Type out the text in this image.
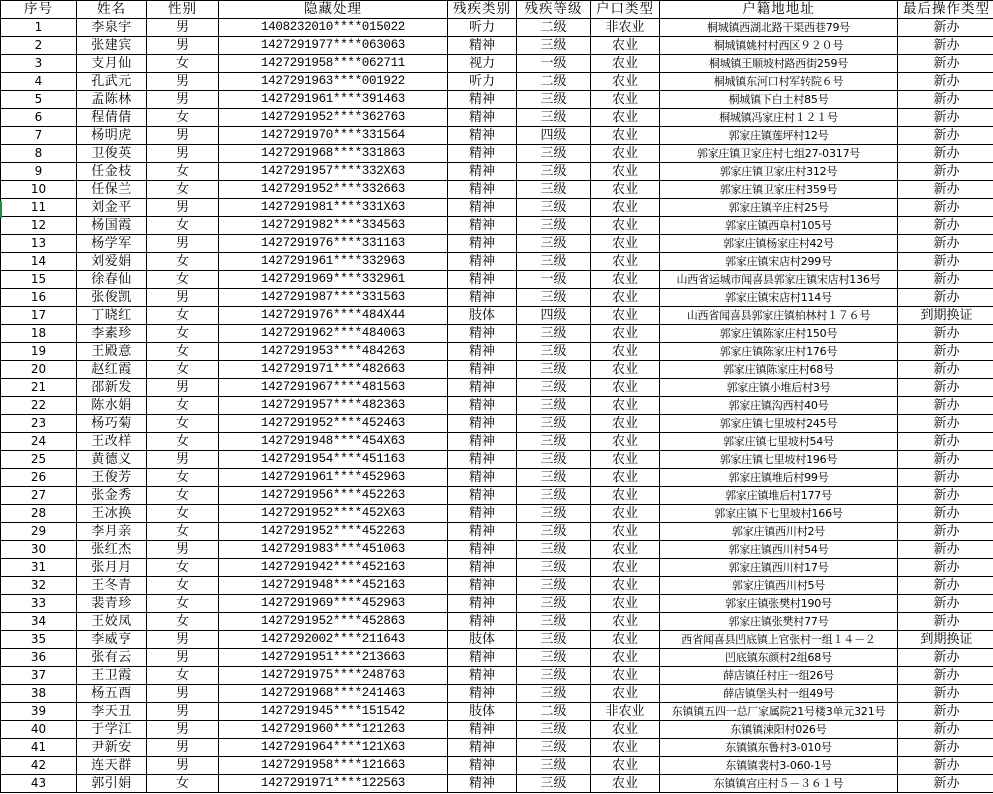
序号	姓名	性别	隐藏处理	残疾类别	残疾等级	户口类型	户籍地地址	最后操作类型
1	李泉宇	男	1408232010****015022	听力	二级	非农业	桐城镇西湖北路干渠西巷79号	新办
2	张建宾	男	1427291977****063063	精神	三级	农业	桐城镇姚村村西区９２０号	新办
3	支月仙	女	1427291958****062711	视力	一级	农业	桐城镇王顺坡村路西街259号	新办
4	孔武元	男	1427291963****001922	听力	二级	农业	桐城镇东河口村军转院６号	新办
5	孟陈林	男	1427291961****391463	精神	三级	农业	桐城镇下白土村85号	新办
6	程倩倩	女	1427291952****362763	精神	三级	农业	桐城镇冯家庄村１２１号	新办
7	杨明虎	男	1427291970****331564	精神	四级	农业	郭家庄镇莲坪村12号	新办
8	卫俊英	男	1427291968****331863	精神	三级	农业	郭家庄镇卫家庄村七组27-0317号	新办
9	任金枝	女	1427291957****332X63	精神	三级	农业	郭家庄镇卫家庄村312号	新办
10	任保兰	女	1427291952****332663	精神	三级	农业	郭家庄镇卫家庄村359号	新办
11	刘金平	男	1427291981****331X63	精神	三级	农业	郭家庄镇辛庄村25号	新办
12	杨国霞	女	1427291982****334563	精神	三级	农业	郭家庄镇西阜村105号	新办
13	杨学军	男	1427291976****331163	精神	三级	农业	郭家庄镇杨家庄村42号	新办
14	刘爱娟	女	1427291961****332963	精神	三级	农业	郭家庄镇宋店村299号	新办
15	徐春仙	女	1427291969****332961	精神	一级	农业	山西省运城市闻喜县郭家庄镇宋店村136号	新办
16	张俊凯	男	1427291987****331563	精神	三级	农业	郭家庄镇宋店村114号	新办
17	丁晓红	女	1427291976****484X44	肢体	四级	农业	山西省闻喜县郭家庄镇柏林村１７６号	到期换证
18	李素珍	女	1427291962****484063	精神	三级	农业	郭家庄镇陈家庄村150号	新办
19	王殿意	女	1427291953****484263	精神	三级	农业	郭家庄镇陈家庄村176号	新办
20	赵红霞	女	1427291971****482663	精神	三级	农业	郭家庄镇陈家庄村68号	新办
21	邵新发	男	1427291967****481563	精神	三级	农业	郭家庄镇小堆后村3号	新办
22	陈水娟	女	1427291957****482363	精神	三级	农业	郭家庄镇沟西村40号	新办
23	杨巧菊	女	1427291952****452463	精神	三级	农业	郭家庄镇七里坡村245号	新办
24	王改样	女	1427291948****454X63	精神	三级	农业	郭家庄镇七里坡村54号	新办
25	黄德义	男	1427291954****451163	精神	三级	农业	郭家庄镇七里坡村196号	新办
26	王俊芳	女	1427291961****452963	精神	三级	农业	郭家庄镇堆后村99号	新办
27	张金秀	女	1427291956****452263	精神	三级	农业	郭家庄镇堆后村177号	新办
28	王冰换	女	1427291952****452X63	精神	三级	农业	郭家庄镇下七里坡村166号	新办
29	李月亲	女	1427291952****452263	精神	三级	农业	郭家庄镇西川村2号	新办
30	张红杰	男	1427291983****451063	精神	三级	农业	郭家庄镇西川村54号	新办
31	张月月	女	1427291942****452163	精神	三级	农业	郭家庄镇西川村17号	新办
32	王冬青	女	1427291948****452163	精神	三级	农业	郭家庄镇西川村5号	新办
33	裴青珍	女	1427291969****452963	精神	三级	农业	郭家庄镇张樊村190号	新办
34	王姣凤	女	1427291952****452863	精神	三级	农业	郭家庄镇张樊村77号	新办
35	李威亨	男	1427292002****211643	肢体	三级	农业	西省闻喜县凹底镇上官张村一组１４－２	到期换证
36	张有云	男	1427291951****213663	精神	三级	农业	凹底镇东颜村2组68号	新办
37	王卫霞	女	1427291975****248763	精神	三级	农业	薛店镇任村庄一组26号	新办
38	杨五酉	男	1427291968****241463	精神	三级	农业	薛店镇堡头村一组49号	新办
39	李天丑	男	1427291945****151542	肢体	二级	非农业	东镇镇五四一总厂家属院21号楼3单元321号	新办
40	于学江	男	1427291960****121263	精神	三级	农业	东镇镇涑阳村026号	新办
41	尹新安	男	1427291964****121X63	精神	三级	农业	东镇镇东鲁村3-010号	新办
42	连天群	男	1427291958****121663	精神	三级	农业	东镇镇裴村3-060-1号	新办
43	郭引娟	女	1427291971****122563	精神	三级	农业	东镇镇宫庄村５－３６１号	新办
